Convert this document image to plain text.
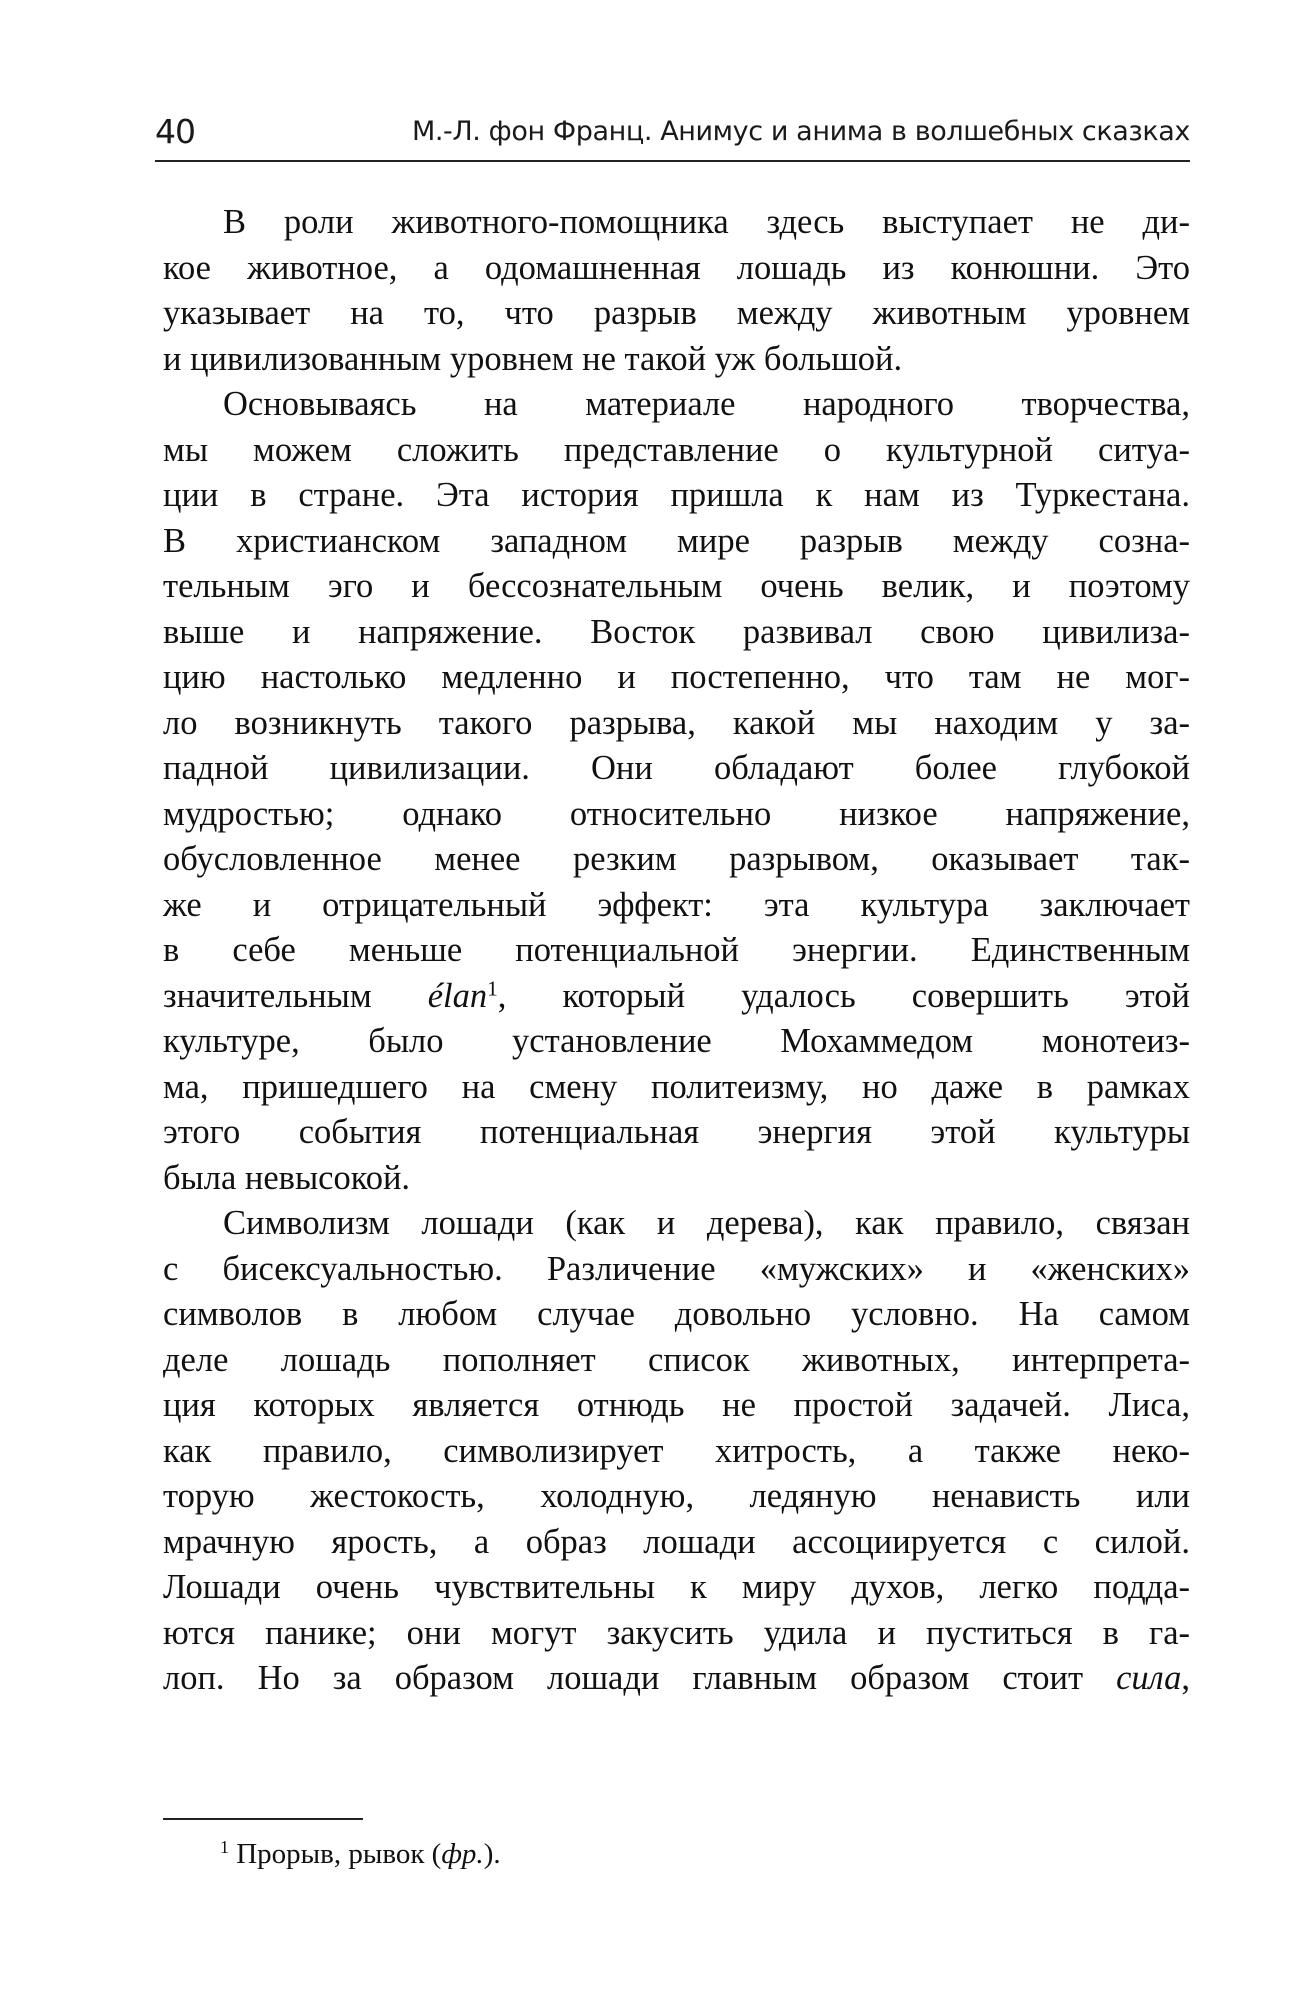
40	М.-Л. фон Франц. Анимус и анима в волшебных сказках
В роли животного-помощника здесь выступает не ди-
кое животное, а одомашненная лошадь из конюшни. Это
указывает на то, что разрыв между животным уровнем
и цивилизованным уровнем не такой уж большой.
Основываясь на материале народного творчества,
мы можем сложить представление о культурной ситуа-
ции в стране. Эта история пришла к нам из Туркестана.
В христианском западном мире разрыв между созна-
тельным эго и бессознательным очень велик, и поэтому
выше и напряжение. Восток развивал свою цивилиза-
цию настолько медленно и постепенно, что там не мог-
ло возникнуть такого разрыва, какой мы находим у за-
падной цивилизации. Они обладают более глубокой
мудростью; однако относительно низкое напряжение,
обусловленное менее резким разрывом, оказывает так-
же и отрицательный эффект: эта культура заключает
в себе меньше потенциальной энергии. Единственным
значительным élan$^1$, который удалось совершить этой
культуре, было установление Мохаммедом монотеиз-
ма, пришедшего на смену политеизму, но даже в рамках
этого события потенциальная энергия этой культуры
была невысокой.
Символизм лошади (как и дерева), как правило, связан
с бисексуальностью. Различение «мужских» и «женских»
символов в любом случае довольно условно. На самом
деле лошадь пополняет список животных, интерпрета-
ция которых является отнюдь не простой задачей. Лиса,
как правило, символизирует хитрость, а также неко-
торую жестокость, холодную, ледяную ненависть или
мрачную ярость, а образ лошади ассоциируется с силой.
Лошади очень чувствительны к миру духов, легко подда-
ются панике; они могут закусить удила и пуститься в га-
лоп. Но за образом лошади главным образом стоит сила,
$^1$ Прорыв, рывок (фр.).
